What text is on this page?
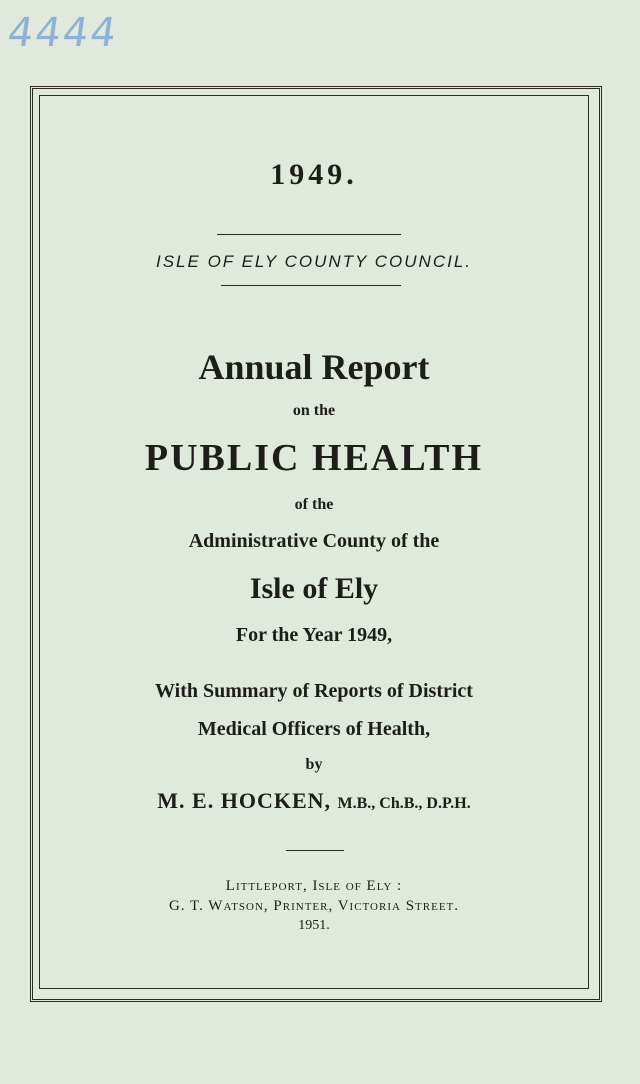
4444
1949.
ISLE OF ELY COUNTY COUNCIL.
Annual Report
on the
PUBLIC HEALTH
of the
Administrative County of the
Isle of Ely
For the Year 1949,
With Summary of Reports of District
Medical Officers of Health,
by
M. E. HOCKEN, M.B., Ch.B., D.P.H.
Littleport, Isle of Ely :
G. T. Watson, Printer, Victoria Street.
1951.
